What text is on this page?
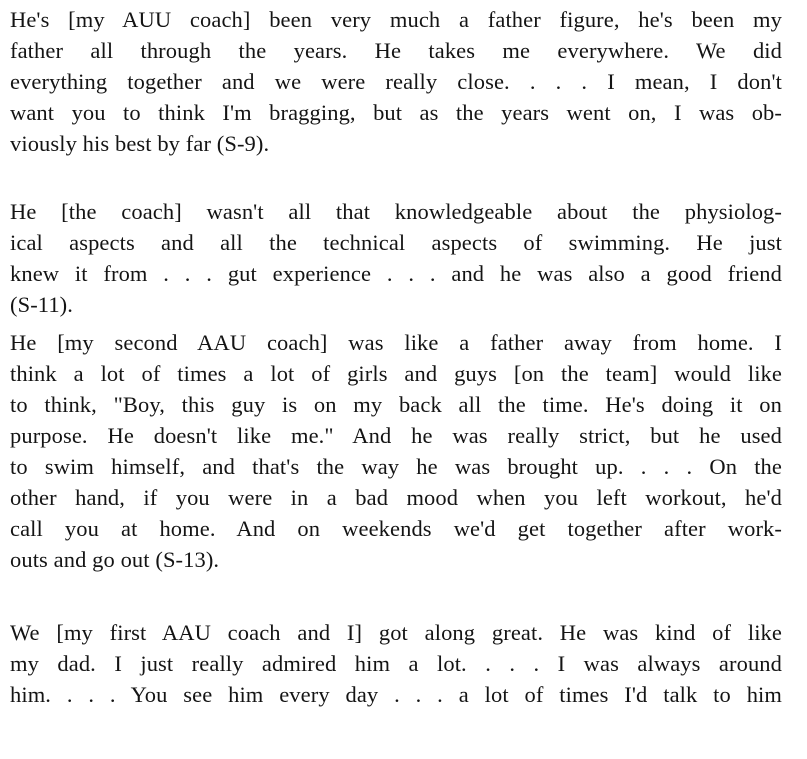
He's [my AUU coach] been very much a father figure, he's been my
father all through the years. He takes me everywhere. We did
everything together and we were really close. . . . I mean, I don't
want you to think I'm bragging, but as the years went on, I was ob-
viously his best by far (S-9).
He [the coach] wasn't all that knowledgeable about the physiolog-
ical aspects and all the technical aspects of swimming. He just
knew it from . . . gut experience . . . and he was also a good friend
(S-11).
He [my second AAU coach] was like a father away from home. I
think a lot of times a lot of girls and guys [on the team] would like
to think, "Boy, this guy is on my back all the time. He's doing it on
purpose. He doesn't like me." And he was really strict, but he used
to swim himself, and that's the way he was brought up. . . . On the
other hand, if you were in a bad mood when you left workout, he'd
call you at home. And on weekends we'd get together after work-
outs and go out (S-13).
We [my first AAU coach and I] got along great. He was kind of like
my dad. I just really admired him a lot. . . . I was always around
him. . . . You see him every day . . . a lot of times I'd talk to him
